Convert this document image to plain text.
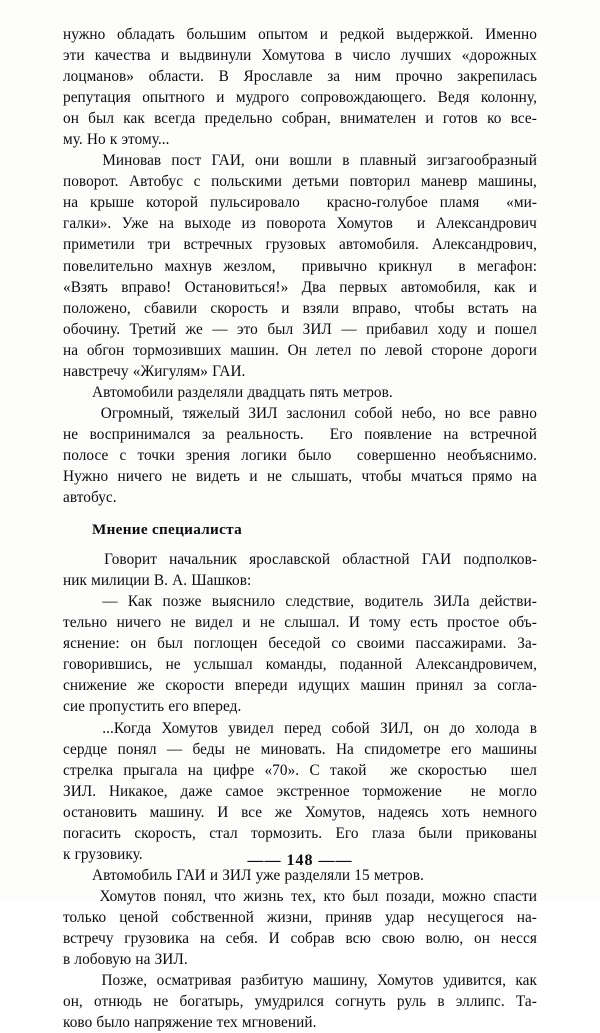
нужно обладать большим опытом и редкой выдержкой. Именно
эти качества и выдвинули Хомутова в число лучших «дорожных
лоцманов» области. В Ярославле за ним прочно закрепилась
репутация опытного и мудрого сопровождающего. Ведя колонну,
он был как всегда предельно собран, внимателен и готов ко все-
му. Но к этому...
Миновав пост ГАИ, они вошли в плавный зигзагообразный
поворот. Автобус с польскими детьми повторил маневр машины,
на крыше которой пульсировало
  красно-голубое пламя
  «ми-
галки». Уже на выходе из поворота Хомутов
  и Александрович
приметили три встречных грузовых автомобиля. Александрович,
повелительно махнув жезлом,
  привычно крикнул
  в мегафон:
«Взять вправо! Остановиться!» Два первых автомобиля, как и
положено, сбавили скорость и взяли вправо, чтобы встать на
обочину. Третий же — это был ЗИЛ — прибавил ходу и пошел
на обгон тормозивших машин. Он летел по левой стороне дороги
навстречу «Жигулям» ГАИ.
Автомобили разделяли двадцать пять метров.
Огромный, тяжелый ЗИЛ заслонил собой небо, но все равно
не воспринимался за реальность.
  Его появление на встречной
полосе с точки зрения логики было
  совершенно необъяснимо.
Нужно ничего не видеть и не слышать, чтобы мчаться прямо на
автобус.
Мнение специалиста
Говорит начальник ярославской областной ГАИ подполков-
ник милиции В. А. Шашков:
— Как позже выяснило следствие, водитель ЗИЛа действи-
тельно ничего не видел и не слышал. И тому есть простое объ-
яснение: он был поглощен беседой со своими пассажирами. За-
говорившись, не услышал команды, поданной Александровичем,
снижение же скорости впереди идущих машин принял за согла-
сие пропустить его вперед.
...Когда Хомутов увидел перед собой ЗИЛ, он до холода в
сердце понял — беды не миновать. На спидометре его машины
стрелка прыгала на цифре «70». С такой
  же скоростью
  шел
ЗИЛ. Никакое, даже самое экстренное торможение
  не могло
остановить машину. И все же Хомутов, надеясь хоть немного
погасить скорость, стал тормозить. Его глаза были прикованы
к грузовику.
Автомобиль ГАИ и ЗИЛ уже разделяли 15 метров.
Хомутов понял, что жизнь тех, кто был позади, можно спасти
только ценой собственной жизни, приняв удар несущегося на-
встречу грузовика на себя. И собрав всю свою волю, он несся
в лобовую на ЗИЛ.
Позже, осматривая разбитую машину, Хомутов удивится, как
он, отнюдь не богатырь, умудрился согнуть руль в эллипс. Та-
ково было напряжение тех мгновений.
—— 148 ——
